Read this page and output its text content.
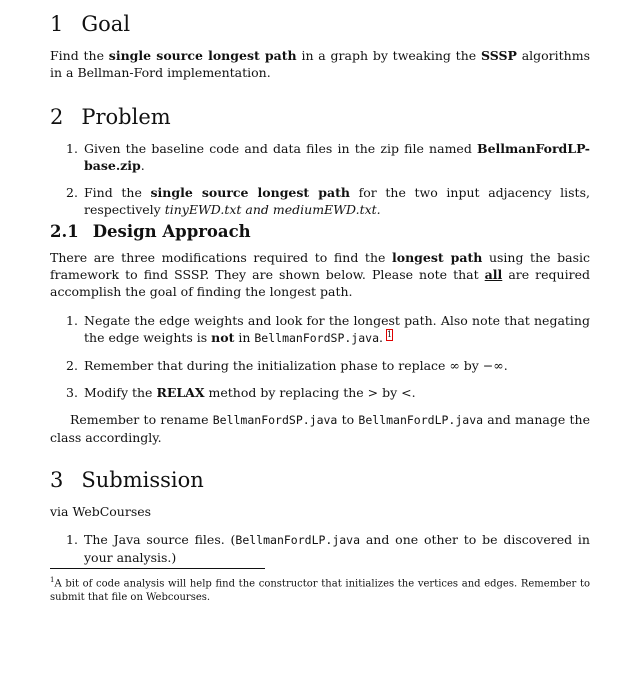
1 Goal

Find the single source longest path in a graph by tweaking the SSSP algorithms in a Bellman-Ford implementation.

2 Problem
1. Given the baseline code and data files in the zip file named BellmanFordLP-base.zip.
2. Find the single source longest path for the two input adjacency lists, respectively tinyEWD.txt and mediumEWD.txt.
2.1 Design Approach

There are three modifications required to find the longest path using the basic framework to find SSSP. They are shown below. Please note that all are required accomplish the goal of finding the longest path.

1. Negate the edge weights and look for the longest path. Also note that negating the edge weights is not in BellmanFordSP.java. 1
2. Remember that during the initialization phase to replace ∞ by −∞.
3. Modify the RELAX method by replacing the > by <.

Remember to rename BellmanFordSP.java to BellmanFordLP.java and manage the class accordingly.

3 Submission

via WebCourses

1. The Java source files. (BellmanFordLP.java and one other to be discovered in your analysis.)

$^1$A bit of code analysis will help find the constructor that initializes the vertices and edges. Remember to submit that file on Webcourses.
